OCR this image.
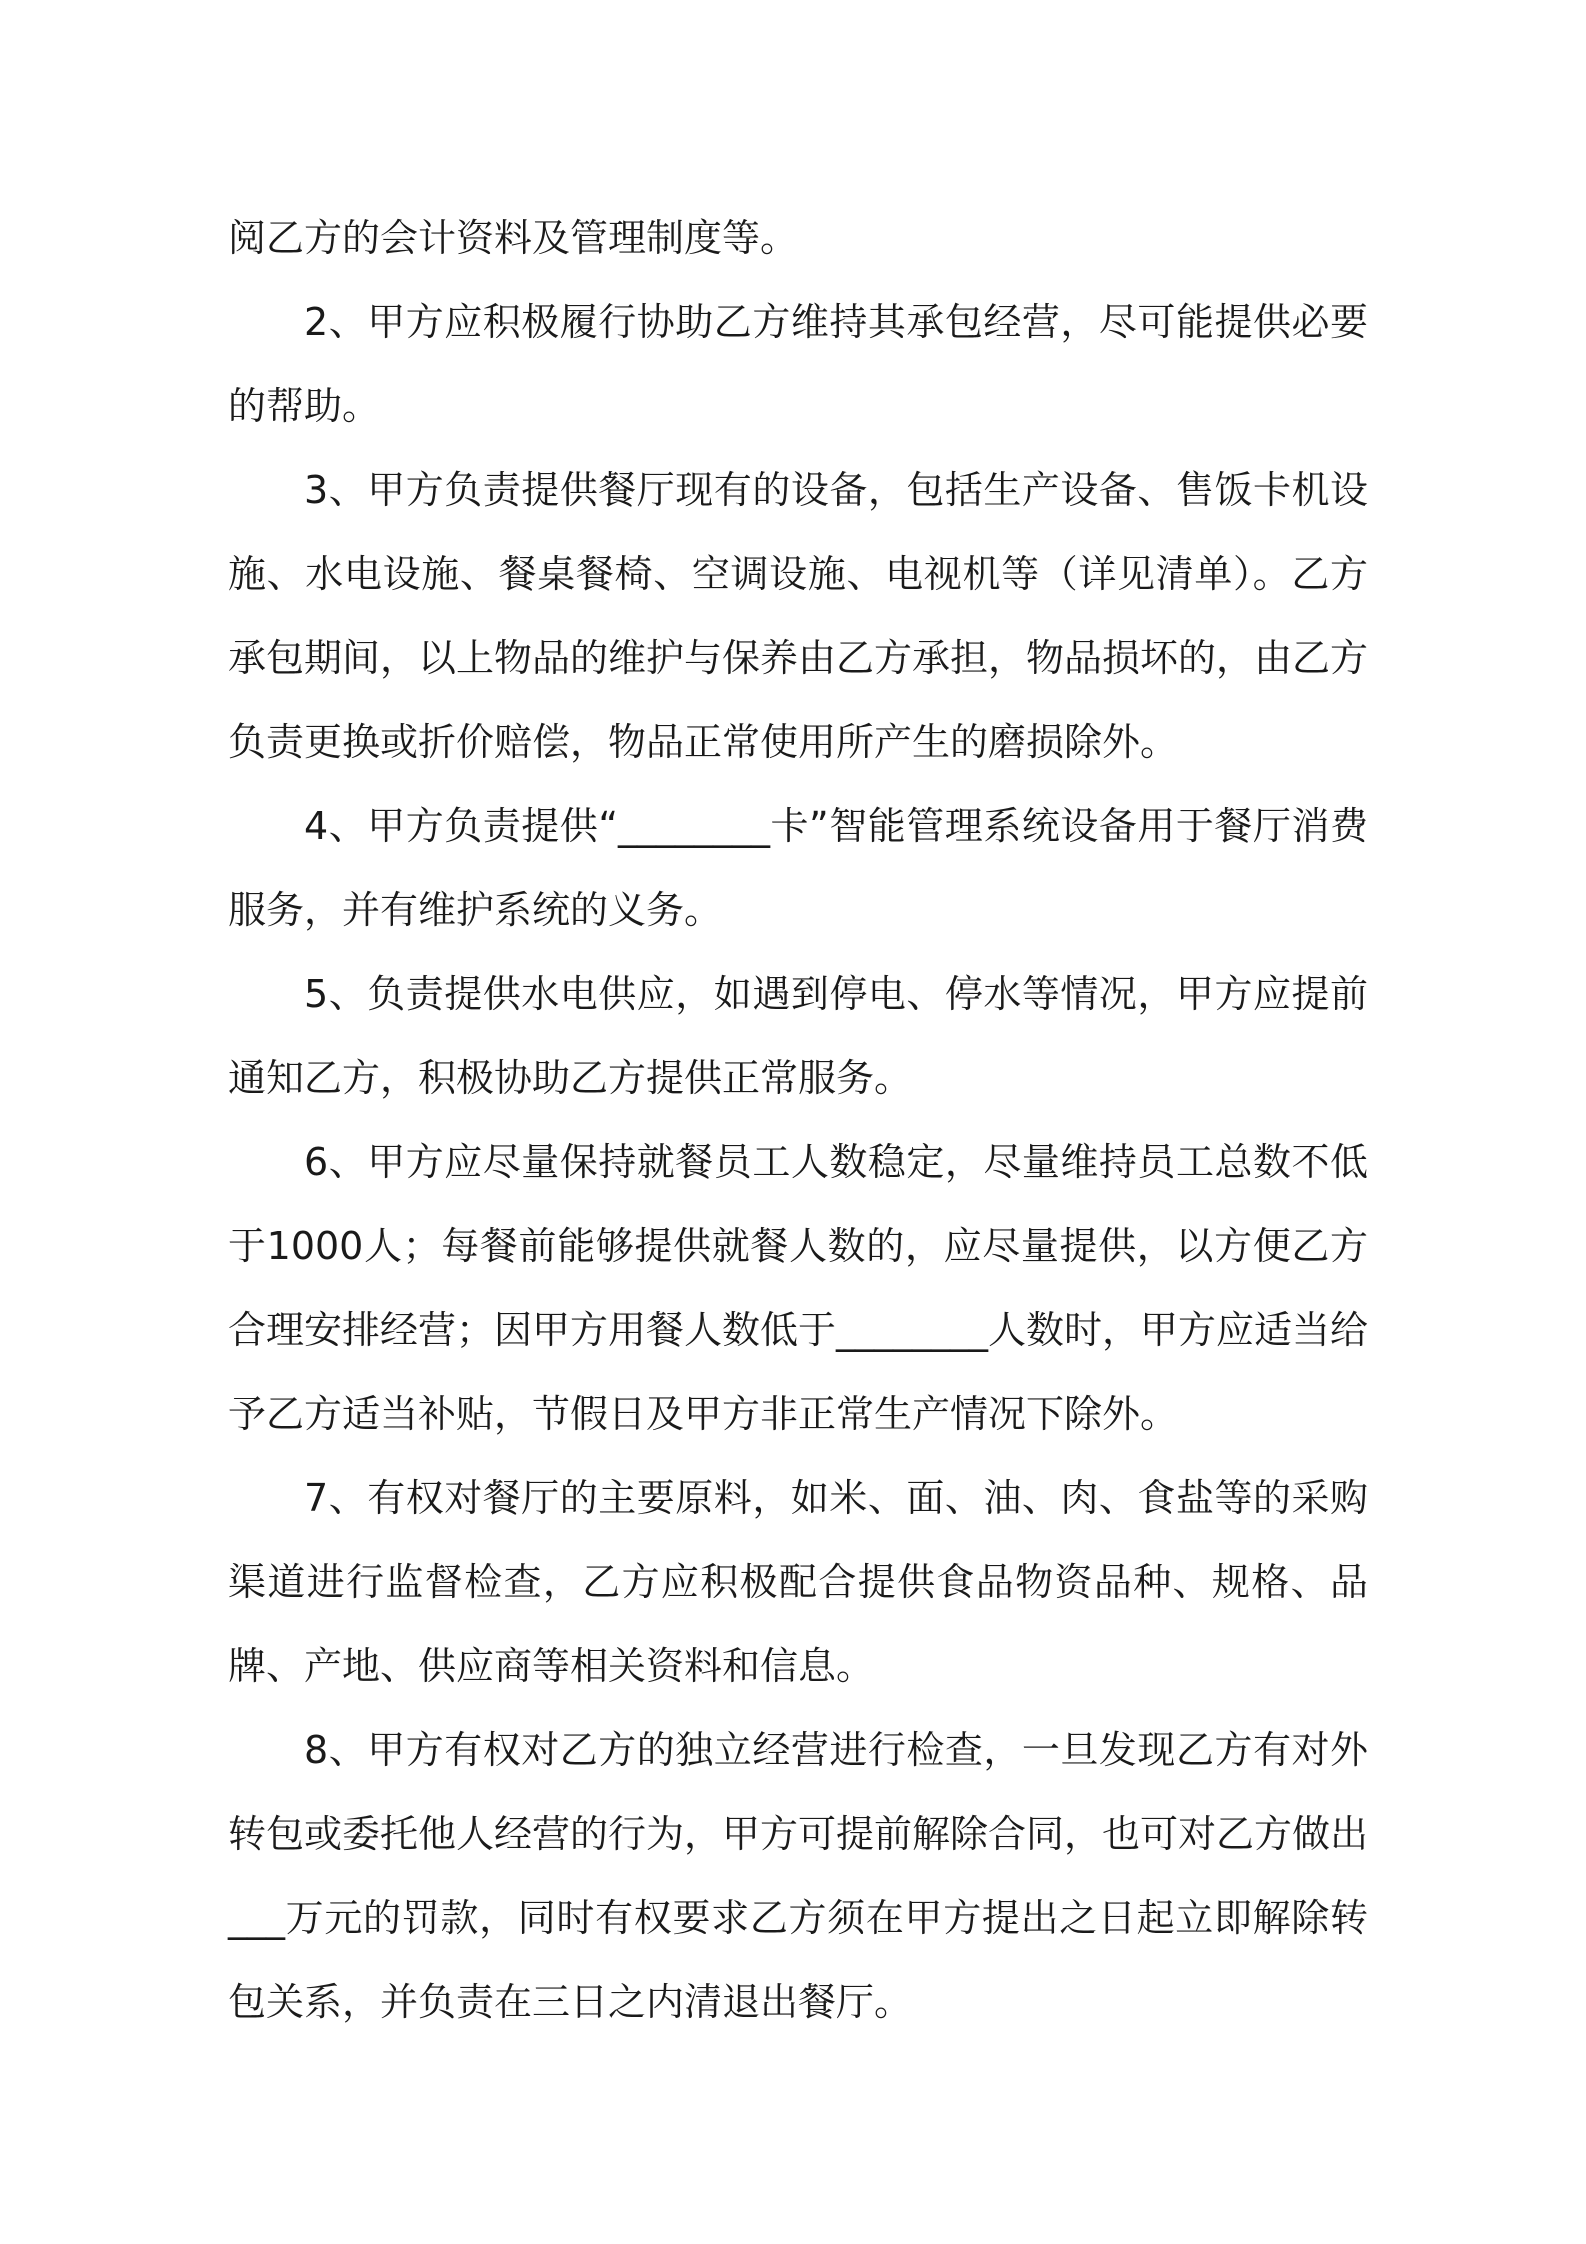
阅乙方的会计资料及管理制度等。

2、甲方应积极履行协助乙方维持其承包经营，尽可能提供必要的帮助。

3、甲方负责提供餐厅现有的设备，包括生产设备、售饭卡机设施、水电设施、餐桌餐椅、空调设施、电视机等（详见清单）。乙方承包期间，以上物品的维护与保养由乙方承担，物品损坏的，由乙方负责更换或折价赔偿，物品正常使用所产生的磨损除外。

4、甲方负责提供“________卡”智能管理系统设备用于餐厅消费服务，并有维护系统的义务。

5、负责提供水电供应，如遇到停电、停水等情况，甲方应提前通知乙方，积极协助乙方提供正常服务。

6、甲方应尽量保持就餐员工人数稳定，尽量维持员工总数不低于1000人；每餐前能够提供就餐人数的，应尽量提供，以方便乙方合理安排经营；因甲方用餐人数低于________人数时，甲方应适当给予乙方适当补贴，节假日及甲方非正常生产情况下除外。

7、有权对餐厅的主要原料，如米、面、油、肉、食盐等的采购渠道进行监督检查，乙方应积极配合提供食品物资品种、规格、品牌、产地、供应商等相关资料和信息。

8、甲方有权对乙方的独立经营进行检查，一旦发现乙方有对外转包或委托他人经营的行为，甲方可提前解除合同，也可对乙方做出___万元的罚款，同时有权要求乙方须在甲方提出之日起立即解除转包关系，并负责在三日之内清退出餐厅。
